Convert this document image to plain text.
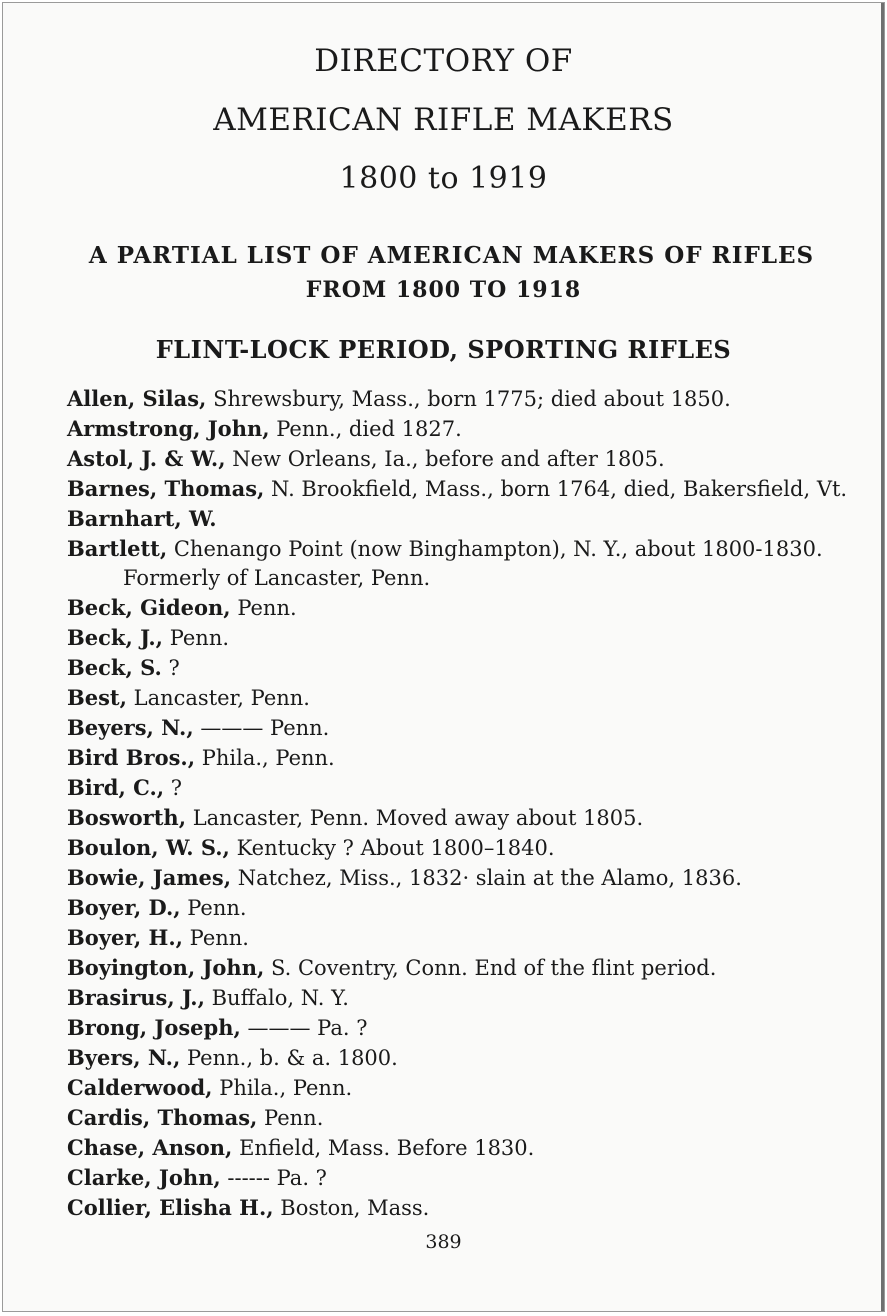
DIRECTORY OF
AMERICAN RIFLE MAKERS
1800 to 1919
A PARTIAL LIST OF AMERICAN MAKERS OF RIFLES
FROM 1800 TO 1918
FLINT-LOCK PERIOD, SPORTING RIFLES
Allen, Silas, Shrewsbury, Mass., born 1775; died about 1850.
Armstrong, John, Penn., died 1827.
Astol, J. & W., New Orleans, Ia., before and after 1805.
Barnes, Thomas, N. Brookfield, Mass., born 1764, died, Bakersfield, Vt.
Barnhart, W.
Bartlett, Chenango Point (now Binghampton), N. Y., about 1800-1830. Formerly of Lancaster, Penn.
Beck, Gideon, Penn.
Beck, J., Penn.
Beck, S. ?
Best, Lancaster, Penn.
Beyers, N., ——— Penn.
Bird Bros., Phila., Penn.
Bird, C., ?
Bosworth, Lancaster, Penn. Moved away about 1805.
Boulon, W. S., Kentucky ? About 1800–1840.
Bowie, James, Natchez, Miss., 1832· slain at the Alamo, 1836.
Boyer, D., Penn.
Boyer, H., Penn.
Boyington, John, S. Coventry, Conn. End of the flint period.
Brasirus, J., Buffalo, N. Y.
Brong, Joseph, ——— Pa. ?
Byers, N., Penn., b. & a. 1800.
Calderwood, Phila., Penn.
Cardis, Thomas, Penn.
Chase, Anson, Enfield, Mass. Before 1830.
Clarke, John, ------ Pa. ?
Collier, Elisha H., Boston, Mass.
389
